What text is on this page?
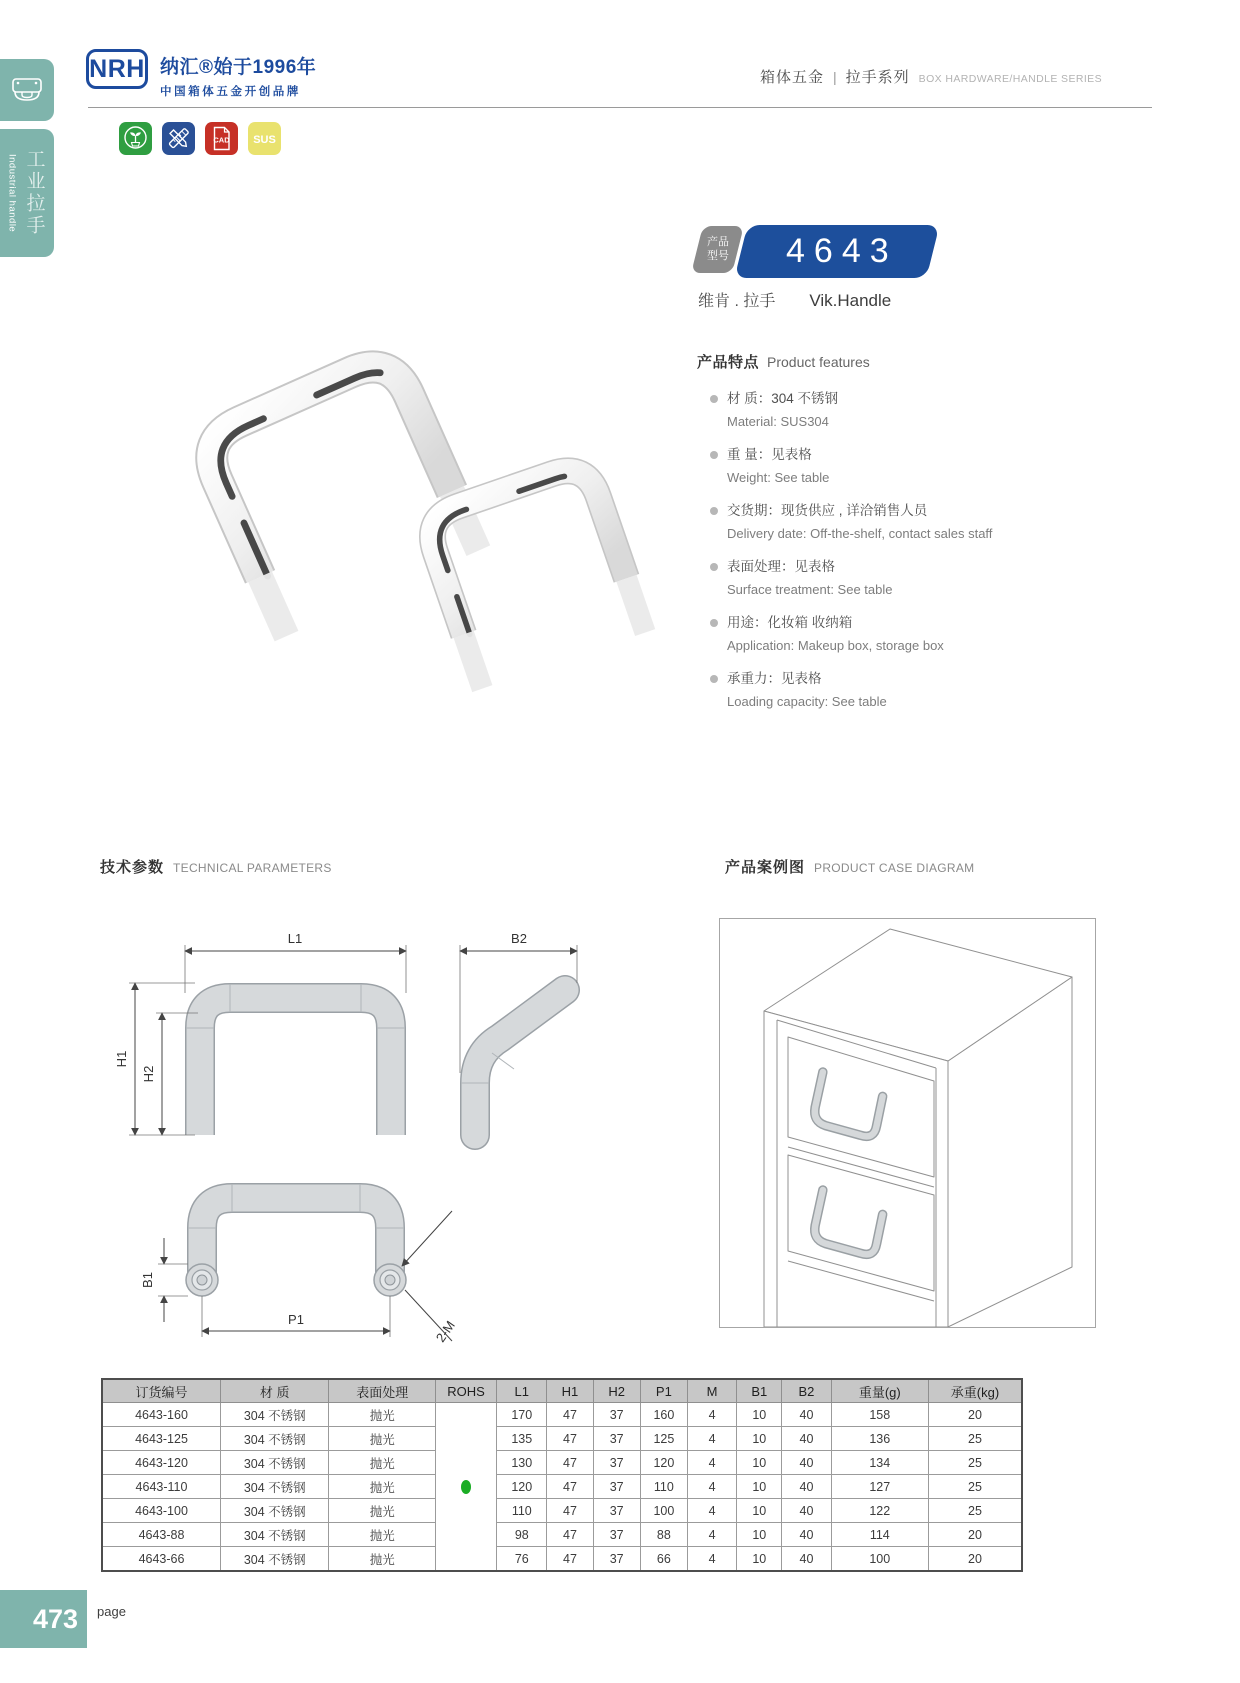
Industrial handle 工业拉手
NRH 纳汇®始于1996年
中国箱体五金开创品牌
箱体五金 | 拉手系列 BOX HARDWARE/HANDLE SERIES
CAD SUS
技术参数 TECHNICAL PARAMETERS	产品案例图 PRODUCT CASE DIAGRAM
L1
H1
H2
B2
B1
P1	2-M
产品
型号 4643
维肯 . 拉手 Vik.Handle
产品特点 Product features
材 质：304 不锈钢
Material: SUS304
重 量：见表格
Weight: See table
交货期：现货供应 , 详洽销售人员
Delivery date: Off-the-shelf, contact sales staff
表面处理：见表格
Surface treatment: See table
用途：化妆箱 收纳箱
Application: Makeup box, storage box
承重力：见表格
Loading capacity: See table
订货编号	材 质	表面处理	ROHS	L1	H1	H2	P1	M	B1	B2	重量(g)	承重(kg)
4643-160	304 不锈钢	抛光		170	47	37	160	4	10	40	158	20
4643-125	304 不锈钢	抛光		135	47	37	125	4	10	40	136	25
4643-120	304 不锈钢	抛光		130	47	37	120	4	10	40	134	25
4643-110	304 不锈钢	抛光		120	47	37	110	4	10	40	127	25
4643-100	304 不锈钢	抛光		110	47	37	100	4	10	40	122	25
4643-88	304 不锈钢	抛光		98	47	37	88	4	10	40	114	20
4643-66	304 不锈钢	抛光		76	47	37	66	4	10	40	100	20
473 page
